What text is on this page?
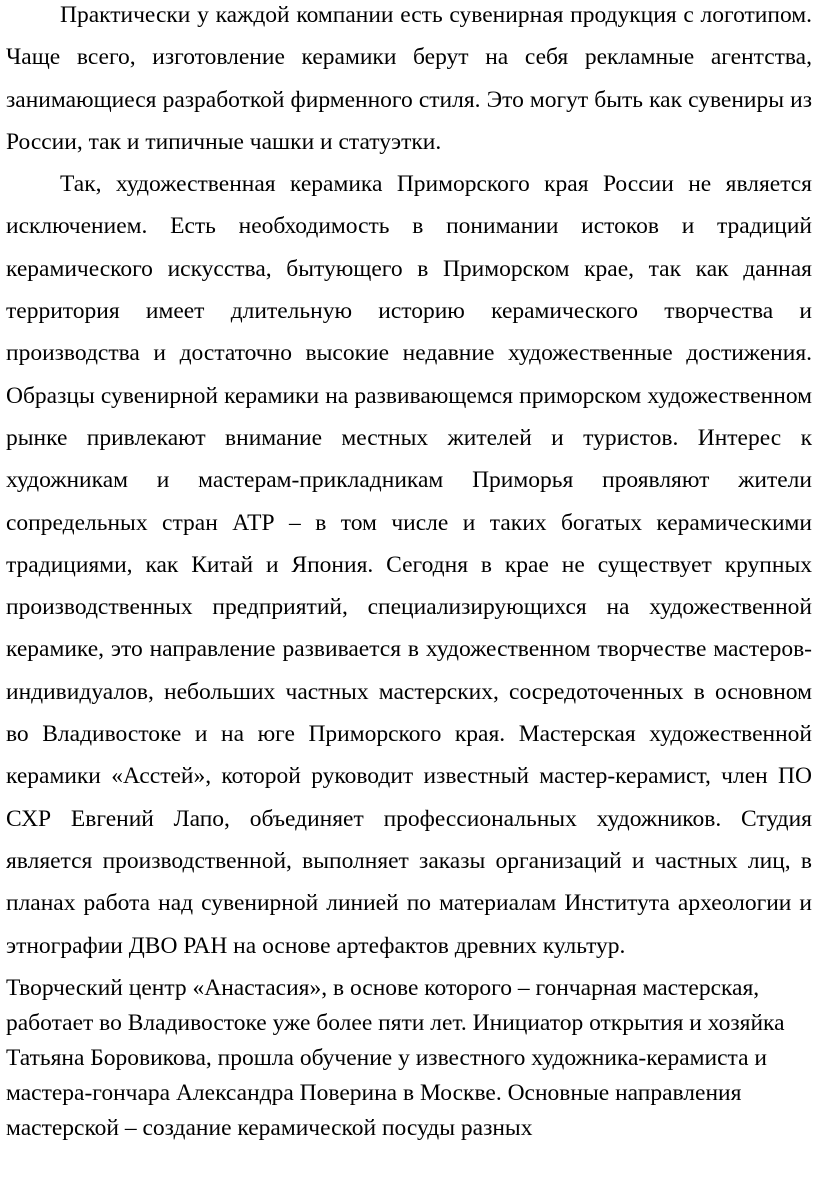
Практически у каждой компании есть сувенирная продукция с логотипом. Чаще всего, изготовление керамики берут на себя рекламные агентства, занимающиеся разработкой фирменного стиля. Это могут быть как сувениры из России, так и типичные чашки и статуэтки.

Так, художественная керамика Приморского края России не является исключением. Есть необходимость в понимании истоков и традиций керамического искусства, бытующего в Приморском крае, так как данная территория имеет длительную историю керамического творчества и производства и достаточно высокие недавние художественные достижения. Образцы сувенирной керамики на развивающемся приморском художественном рынке привлекают внимание местных жителей и туристов. Интерес к художникам и мастерам-прикладникам Приморья проявляют жители сопредельных стран АТР – в том числе и таких богатых керамическими традициями, как Китай и Япония. Сегодня в крае не существует крупных производственных предприятий, специализирующихся на художественной керамике, это направление развивается в художественном творчестве мастеров-индивидуалов, небольших частных мастерских, сосредоточенных в основном во Владивостоке и на юге Приморского края. Мастерская художественной керамики «Асстей», которой руководит известный мастер-керамист, член ПО СХР Евгений Лапо, объединяет профессиональных художников. Студия является производственной, выполняет заказы организаций и частных лиц, в планах работа над сувенирной линией по материалам Института археологии и этнографии ДВО РАН на основе артефактов древних культур.

Творческий центр «Анастасия», в основе которого – гончарная мастерская, работает во Владивостоке уже более пяти лет. Инициатор открытия и хозяйка Татьяна Боровикова, прошла обучение у известного художника-керамиста и мастера-гончара Александра Поверина в Москве. Основные направления мастерской – создание керамической посуды разных
